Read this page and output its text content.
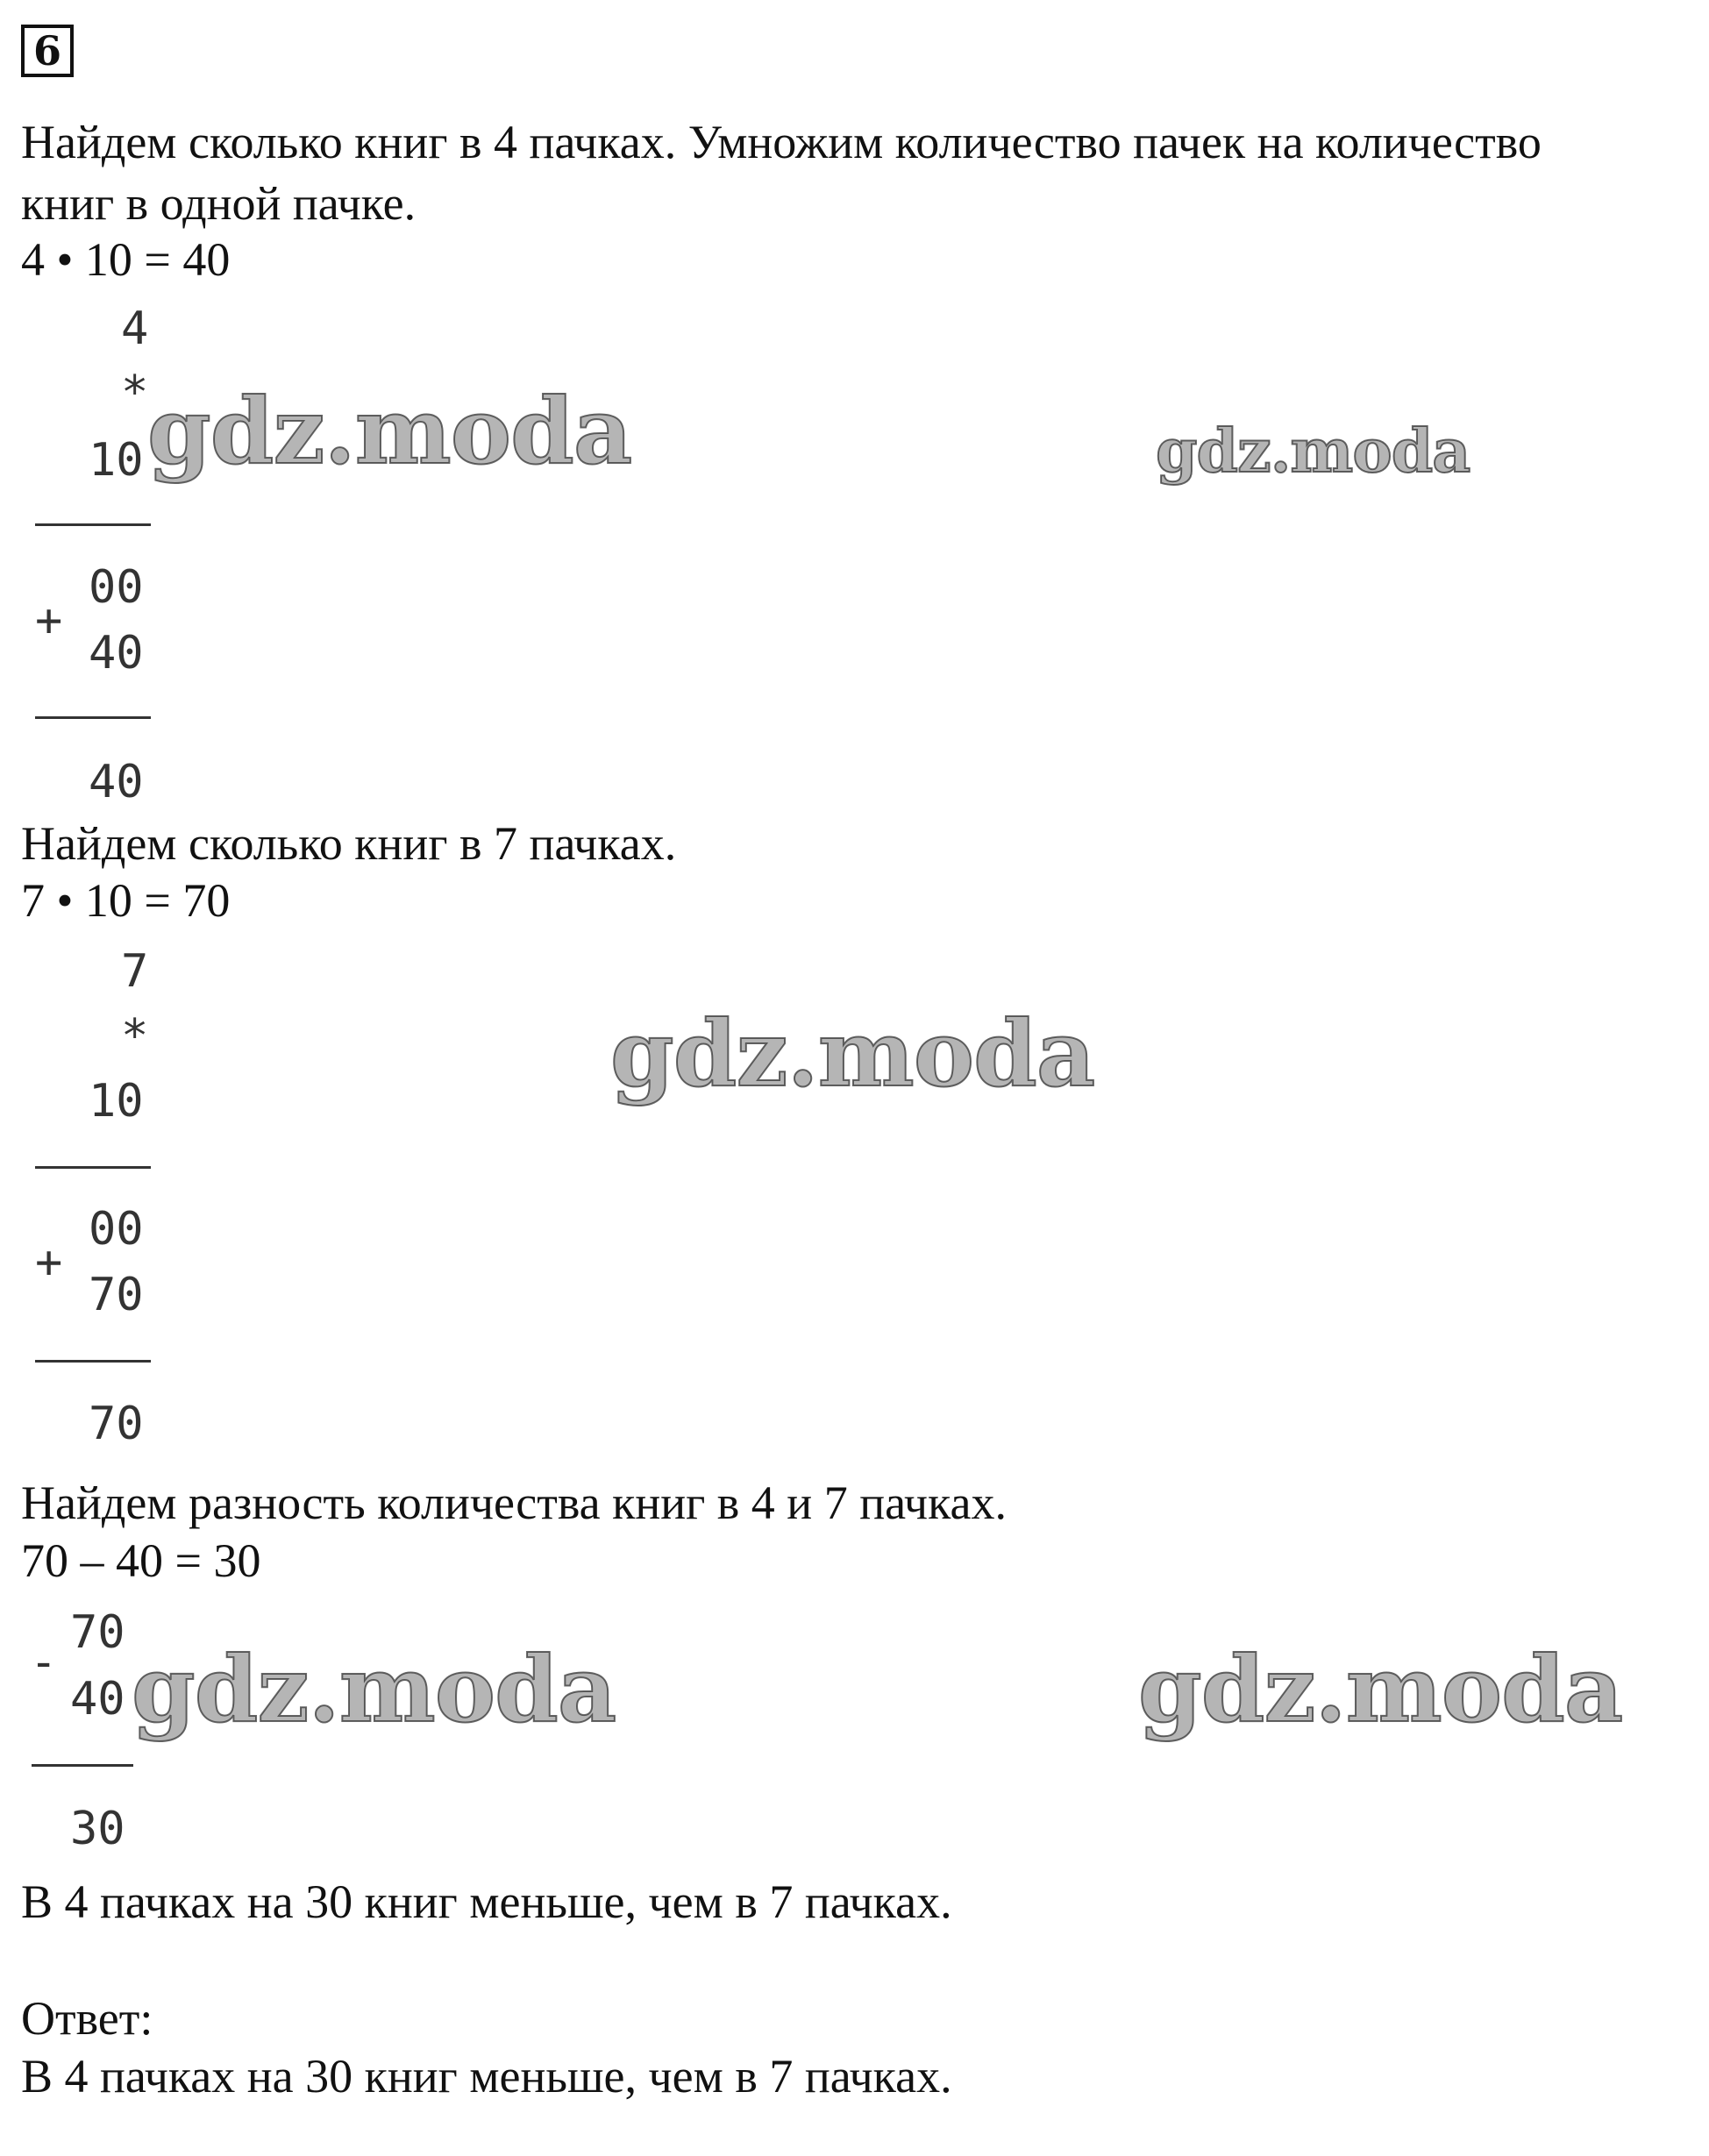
6
Найдем сколько книг в 4 пачках. Умножим количество пачек на количество
книг в одной пачке.
4 • 10 = 40
4
*
10
00
+
40
40
Найдем сколько книг в 7 пачках.
7 • 10 = 70
7
*
10
00
+
70
70
Найдем разность количества книг в 4 и 7 пачках.
70 – 40 = 30
70
-
40
30
В 4 пачках на 30 книг меньше, чем в 7 пачках.
Ответ:
В 4 пачках на 30 книг меньше, чем в 7 пачках.
gdz.moda	gdz.moda
gdz.moda
gdz.moda	gdz.moda
